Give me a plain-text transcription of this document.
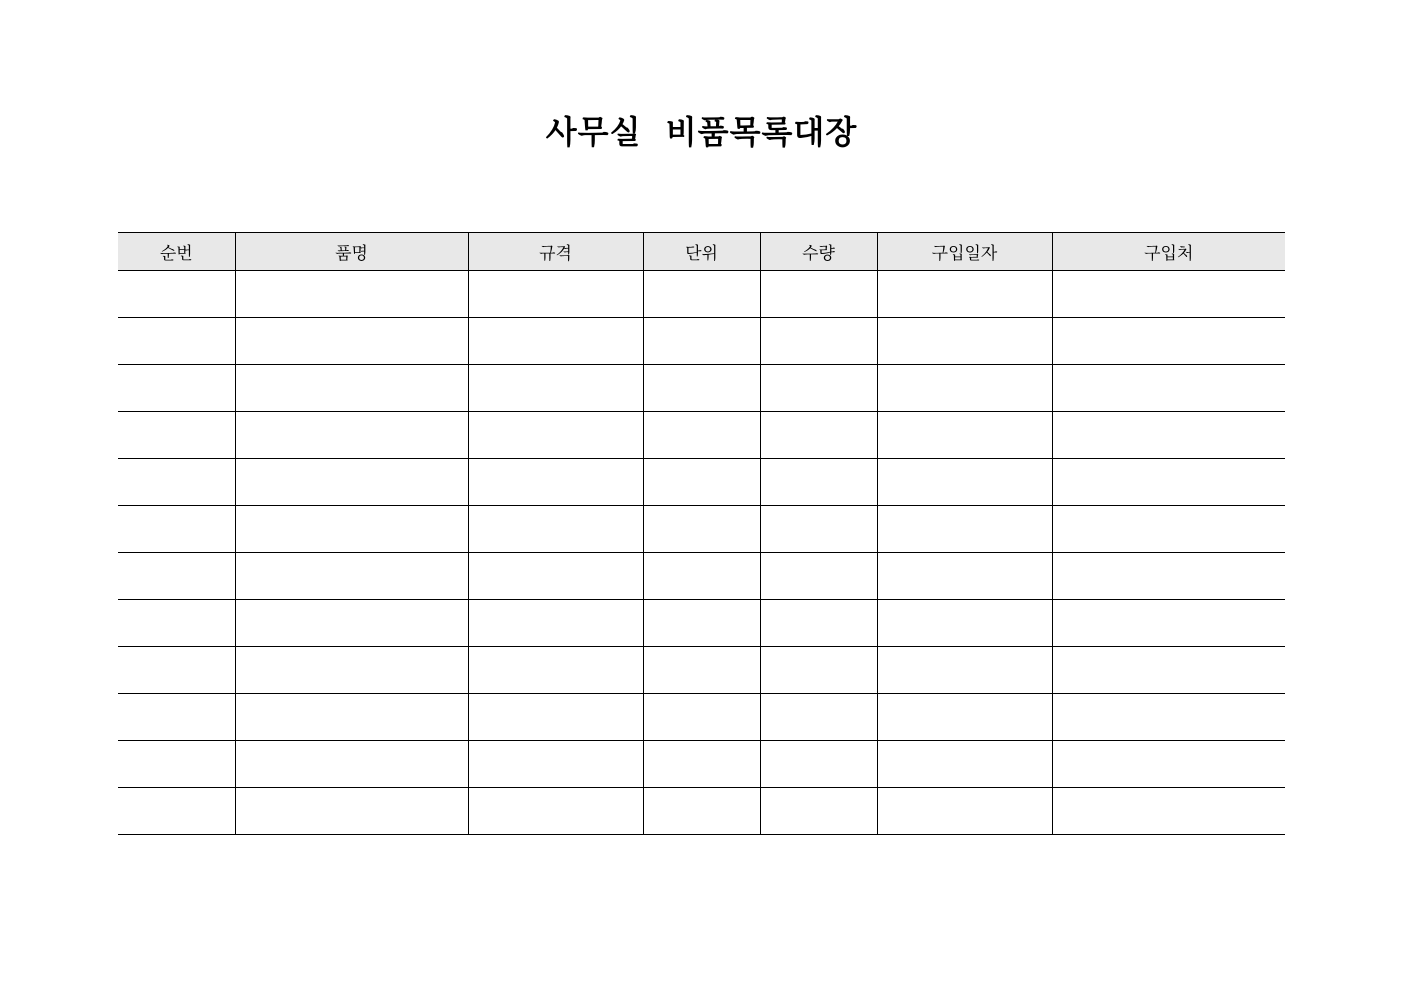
사무실  비품목록대장
순번	품명	규격	단위	수량	구입일자	구입처
